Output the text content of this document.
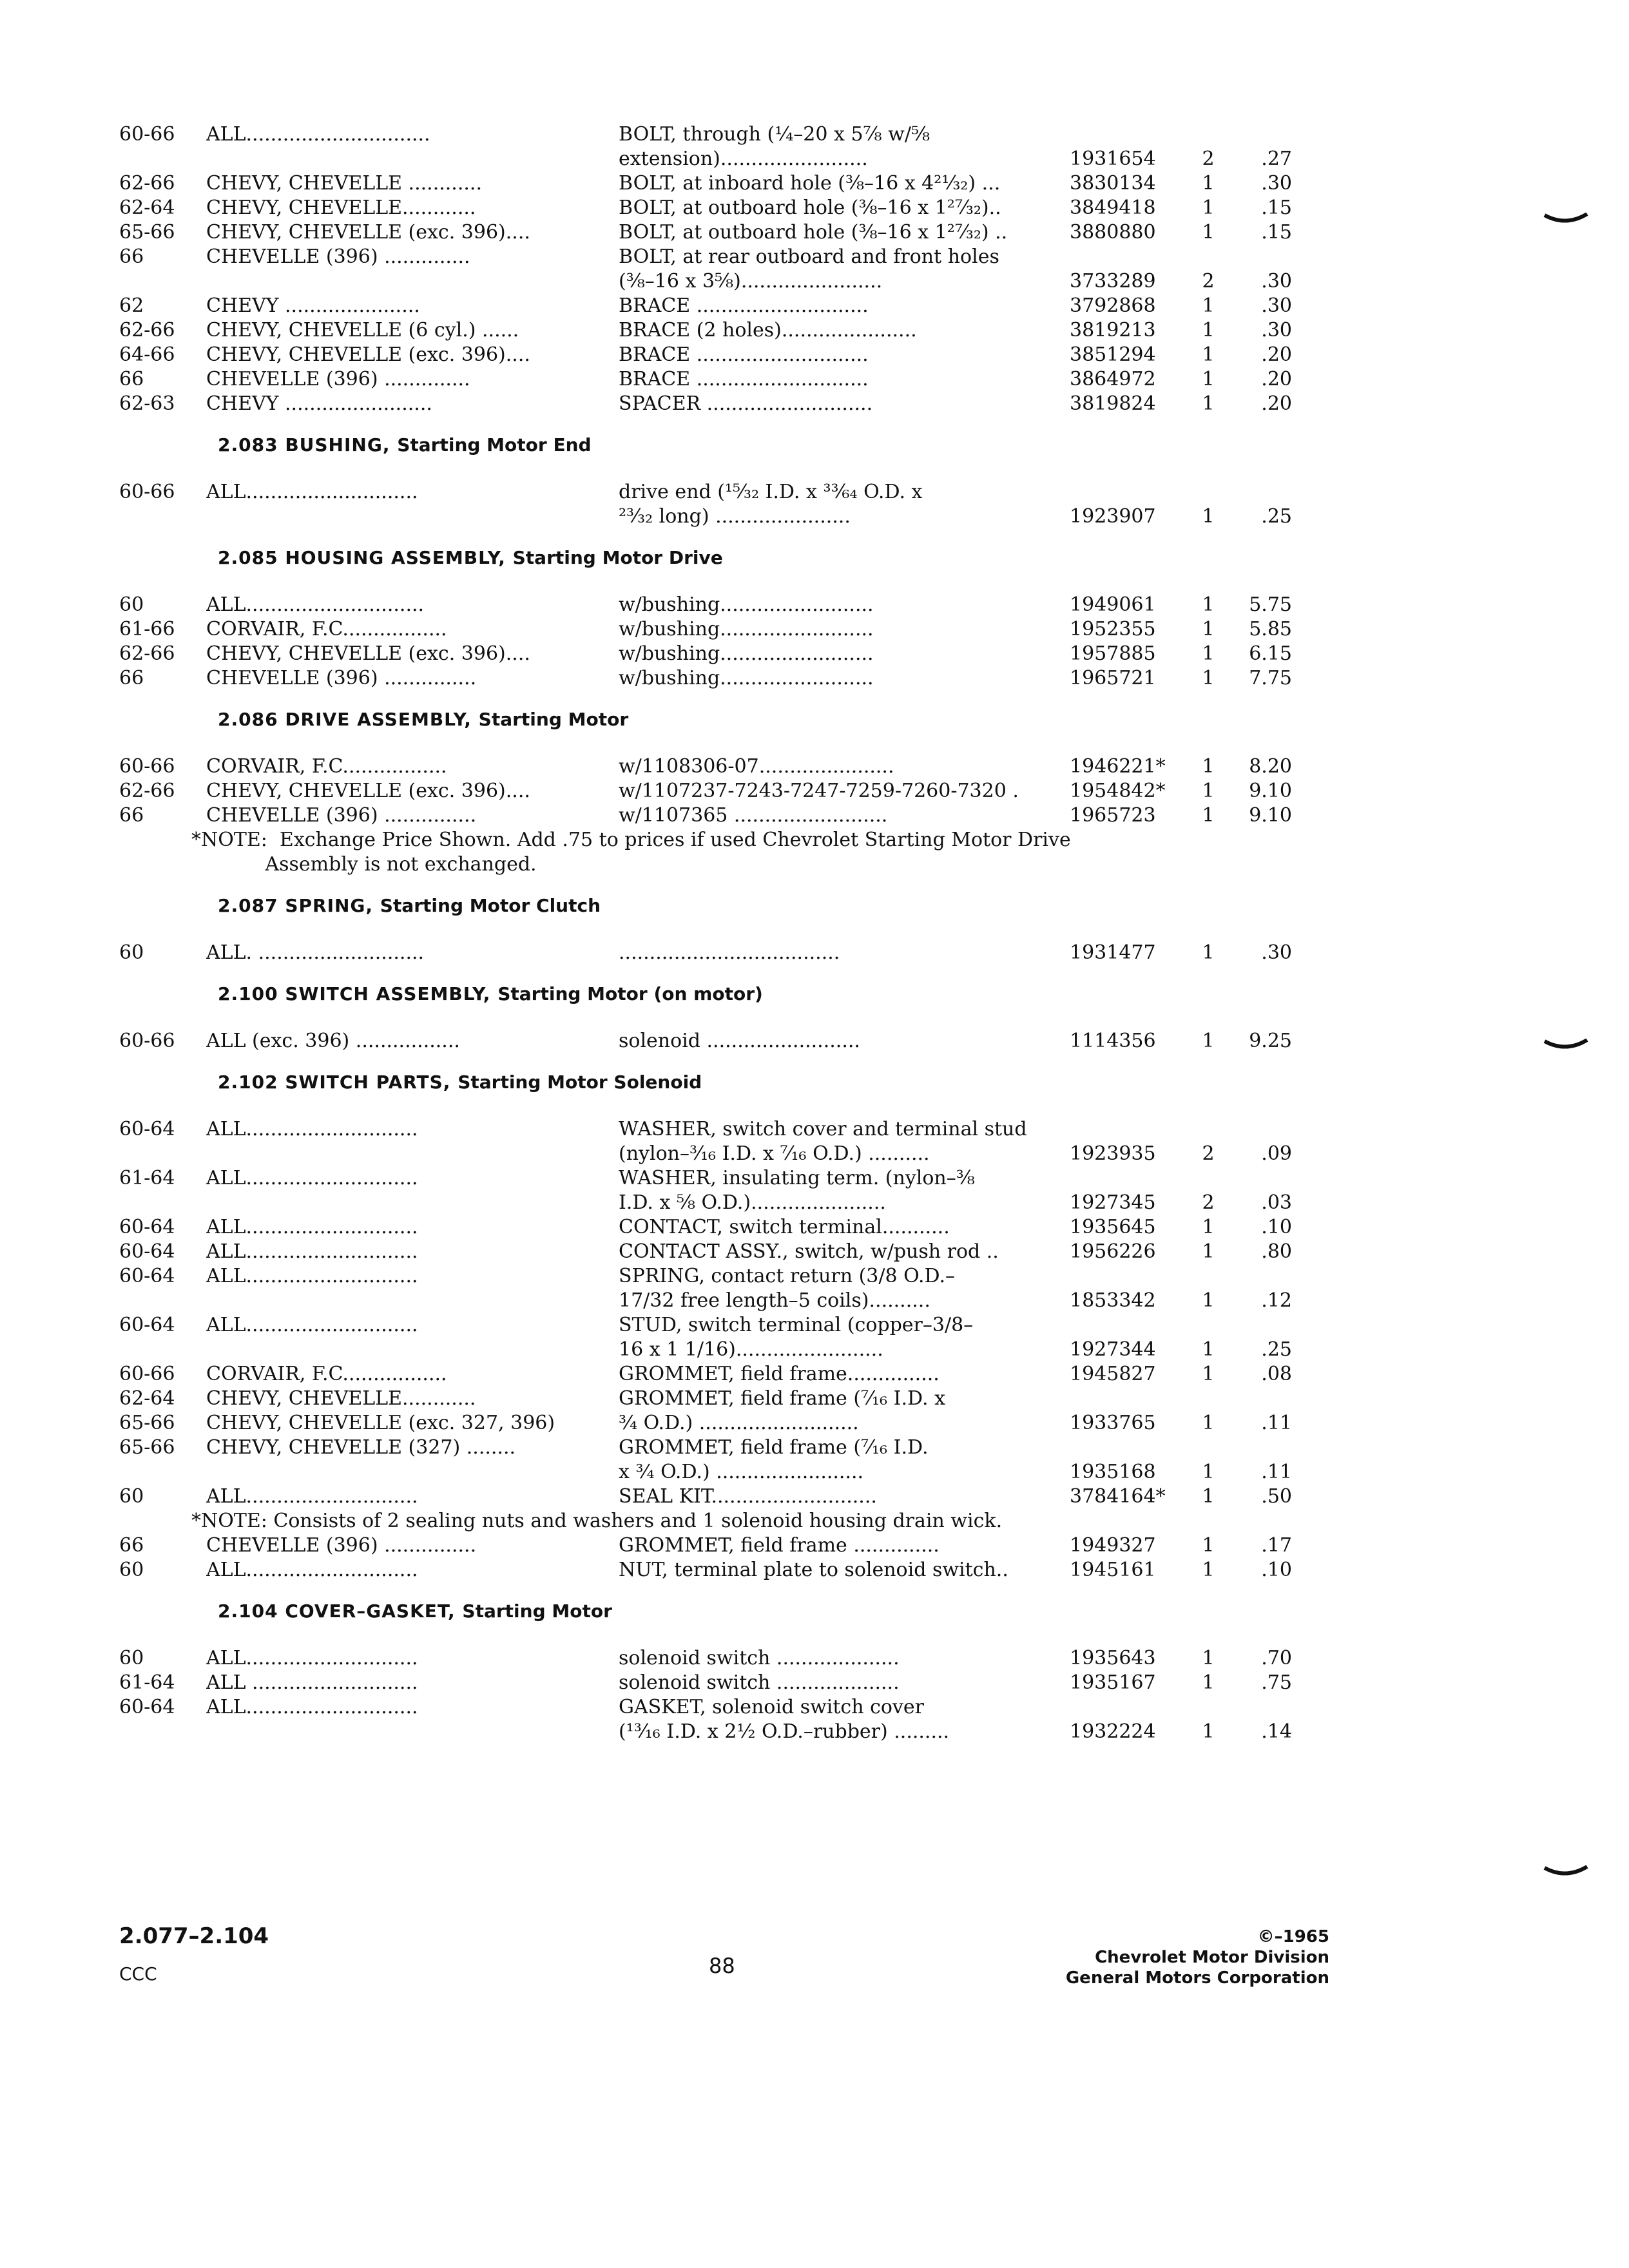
60-66	ALL..............................	BOLT, through (¼–20 x 5⅞ w/⅝
extension)........................	1931654	2	.27
62-66	CHEVY, CHEVELLE ............	BOLT, at inboard hole (⅜–16 x 4²¹⁄₃₂) ...	3830134	1	.30
62-64	CHEVY, CHEVELLE............	BOLT, at outboard hole (⅜–16 x 1²⁷⁄₃₂)..	3849418	1	.15
65-66	CHEVY, CHEVELLE (exc. 396)....	BOLT, at outboard hole (⅜–16 x 1²⁷⁄₃₂) ..	3880880	1	.15
66	CHEVELLE (396) ..............	BOLT, at rear outboard and front holes
(⅜–16 x 3⅝).......................	3733289	2	.30
62	CHEVY ......................	BRACE ............................	3792868	1	.30
62-66	CHEVY, CHEVELLE (6 cyl.) ......	BRACE (2 holes)......................	3819213	1	.30
64-66	CHEVY, CHEVELLE (exc. 396)....	BRACE ............................	3851294	1	.20
66	CHEVELLE (396) ..............	BRACE ............................	3864972	1	.20
62-63	CHEVY ........................	SPACER ...........................	3819824	1	.20
2.083 BUSHING, Starting Motor End
60-66	ALL............................	drive end (¹⁵⁄₃₂ I.D. x ³³⁄₆₄ O.D. x
²³⁄₃₂ long) ......................	1923907	1	.25
2.085 HOUSING ASSEMBLY, Starting Motor Drive
60	ALL.............................	w/bushing.........................	1949061	1	5.75
61-66	CORVAIR, F.C.................	w/bushing.........................	1952355	1	5.85
62-66	CHEVY, CHEVELLE (exc. 396)....	w/bushing.........................	1957885	1	6.15
66	CHEVELLE (396) ...............	w/bushing.........................	1965721	1	7.75
2.086 DRIVE ASSEMBLY, Starting Motor
60-66	CORVAIR, F.C.................	w/1108306-07......................	1946221*	1	8.20
62-66	CHEVY, CHEVELLE (exc. 396)....	w/1107237-7243-7247-7259-7260-7320 .	1954842*	1	9.10
66	CHEVELLE (396) ...............	w/1107365 .........................	1965723	1	9.10
*NOTE:  Exchange Price Shown. Add .75 to prices if used Chevrolet Starting Motor Drive
Assembly is not exchanged.
2.087 SPRING, Starting Motor Clutch
60	ALL. ...........................	....................................	1931477	1	.30
2.100 SWITCH ASSEMBLY, Starting Motor (on motor)
60-66	ALL (exc. 396) .................	solenoid .........................	1114356	1	9.25
2.102 SWITCH PARTS, Starting Motor Solenoid
60-64	ALL............................	WASHER, switch cover and terminal stud
(nylon–³⁄₁₆ I.D. x ⁷⁄₁₆ O.D.) ..........	1923935	2	.09
61-64	ALL............................	WASHER, insulating term. (nylon–⅜
I.D. x ⅝ O.D.)......................	1927345	2	.03
60-64	ALL............................	CONTACT, switch terminal...........	1935645	1	.10
60-64	ALL............................	CONTACT ASSY., switch, w/push rod ..	1956226	1	.80
60-64	ALL............................	SPRING, contact return (3/8 O.D.–
17/32 free length–5 coils)..........	1853342	1	.12
60-64	ALL............................	STUD, switch terminal (copper–3/8–
16 x 1 1/16)........................	1927344	1	.25
60-66	CORVAIR, F.C.................	GROMMET, field frame...............	1945827	1	.08
62-64	CHEVY, CHEVELLE............	GROMMET, field frame (⁷⁄₁₆ I.D. x
65-66	CHEVY, CHEVELLE (exc. 327, 396)	¾ O.D.) ..........................	1933765	1	.11
65-66	CHEVY, CHEVELLE (327) ........	GROMMET, field frame (⁷⁄₁₆ I.D.
x ¾ O.D.) ........................	1935168	1	.11
60	ALL............................	SEAL KIT...........................	3784164*	1	.50
*NOTE: Consists of 2 sealing nuts and washers and 1 solenoid housing drain wick.
66	CHEVELLE (396) ...............	GROMMET, field frame ..............	1949327	1	.17
60	ALL............................	NUT, terminal plate to solenoid switch..	1945161	1	.10
2.104 COVER–GASKET, Starting Motor
60	ALL............................	solenoid switch ....................	1935643	1	.70
61-64	ALL ...........................	solenoid switch ....................	1935167	1	.75
60-64	ALL............................	GASKET, solenoid switch cover
(¹³⁄₁₆ I.D. x 2½ O.D.–rubber) .........	1932224	1	.14
2.077–2.104
CCC	88
©–1965
Chevrolet Motor Division
General Motors Corporation
